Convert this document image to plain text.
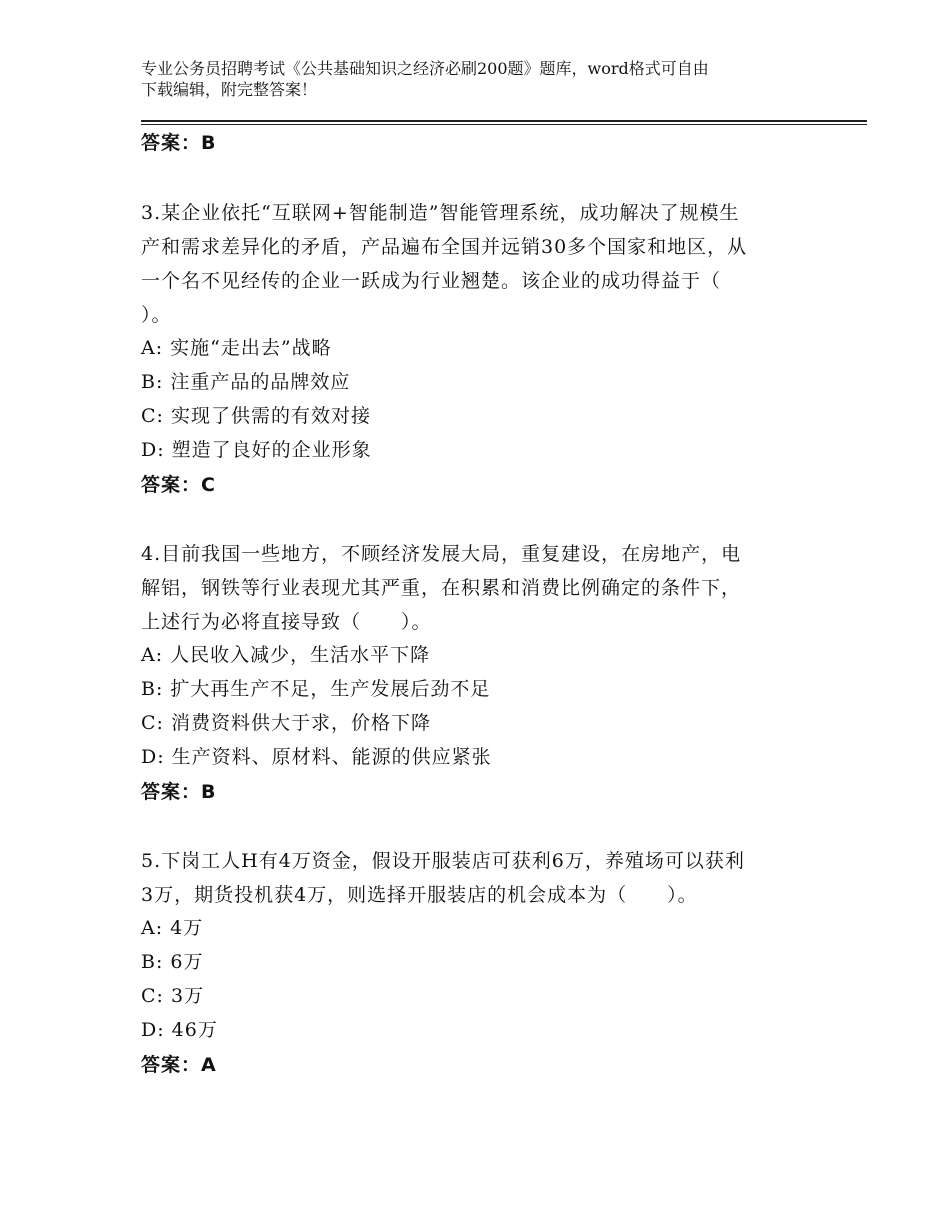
专业公务员招聘考试《公共基础知识之经济必刷200题》题库，word格式可自由
下载编辑，附完整答案！
答案：B
3.某企业依托“互联网+智能制造”智能管理系统，成功解决了规模生
产和需求差异化的矛盾，产品遍布全国并远销30多个国家和地区，从
一个名不见经传的企业一跃成为行业翘楚。该企业的成功得益于（
）。
A: 实施“走出去”战略
B: 注重产品的品牌效应
C: 实现了供需的有效对接
D: 塑造了良好的企业形象
答案：C
4.目前我国一些地方，不顾经济发展大局，重复建设，在房地产，电
解铝，钢铁等行业表现尤其严重，在积累和消费比例确定的条件下，
上述行为必将直接导致（　　）。
A: 人民收入减少，生活水平下降
B: 扩大再生产不足，生产发展后劲不足
C: 消费资料供大于求，价格下降
D: 生产资料、原材料、能源的供应紧张
答案：B
5.下岗工人H有4万资金，假设开服装店可获利6万，养殖场可以获利
3万，期货投机获4万，则选择开服装店的机会成本为（　　）。
A: 4万
B: 6万
C: 3万
D: 46万
答案：A
